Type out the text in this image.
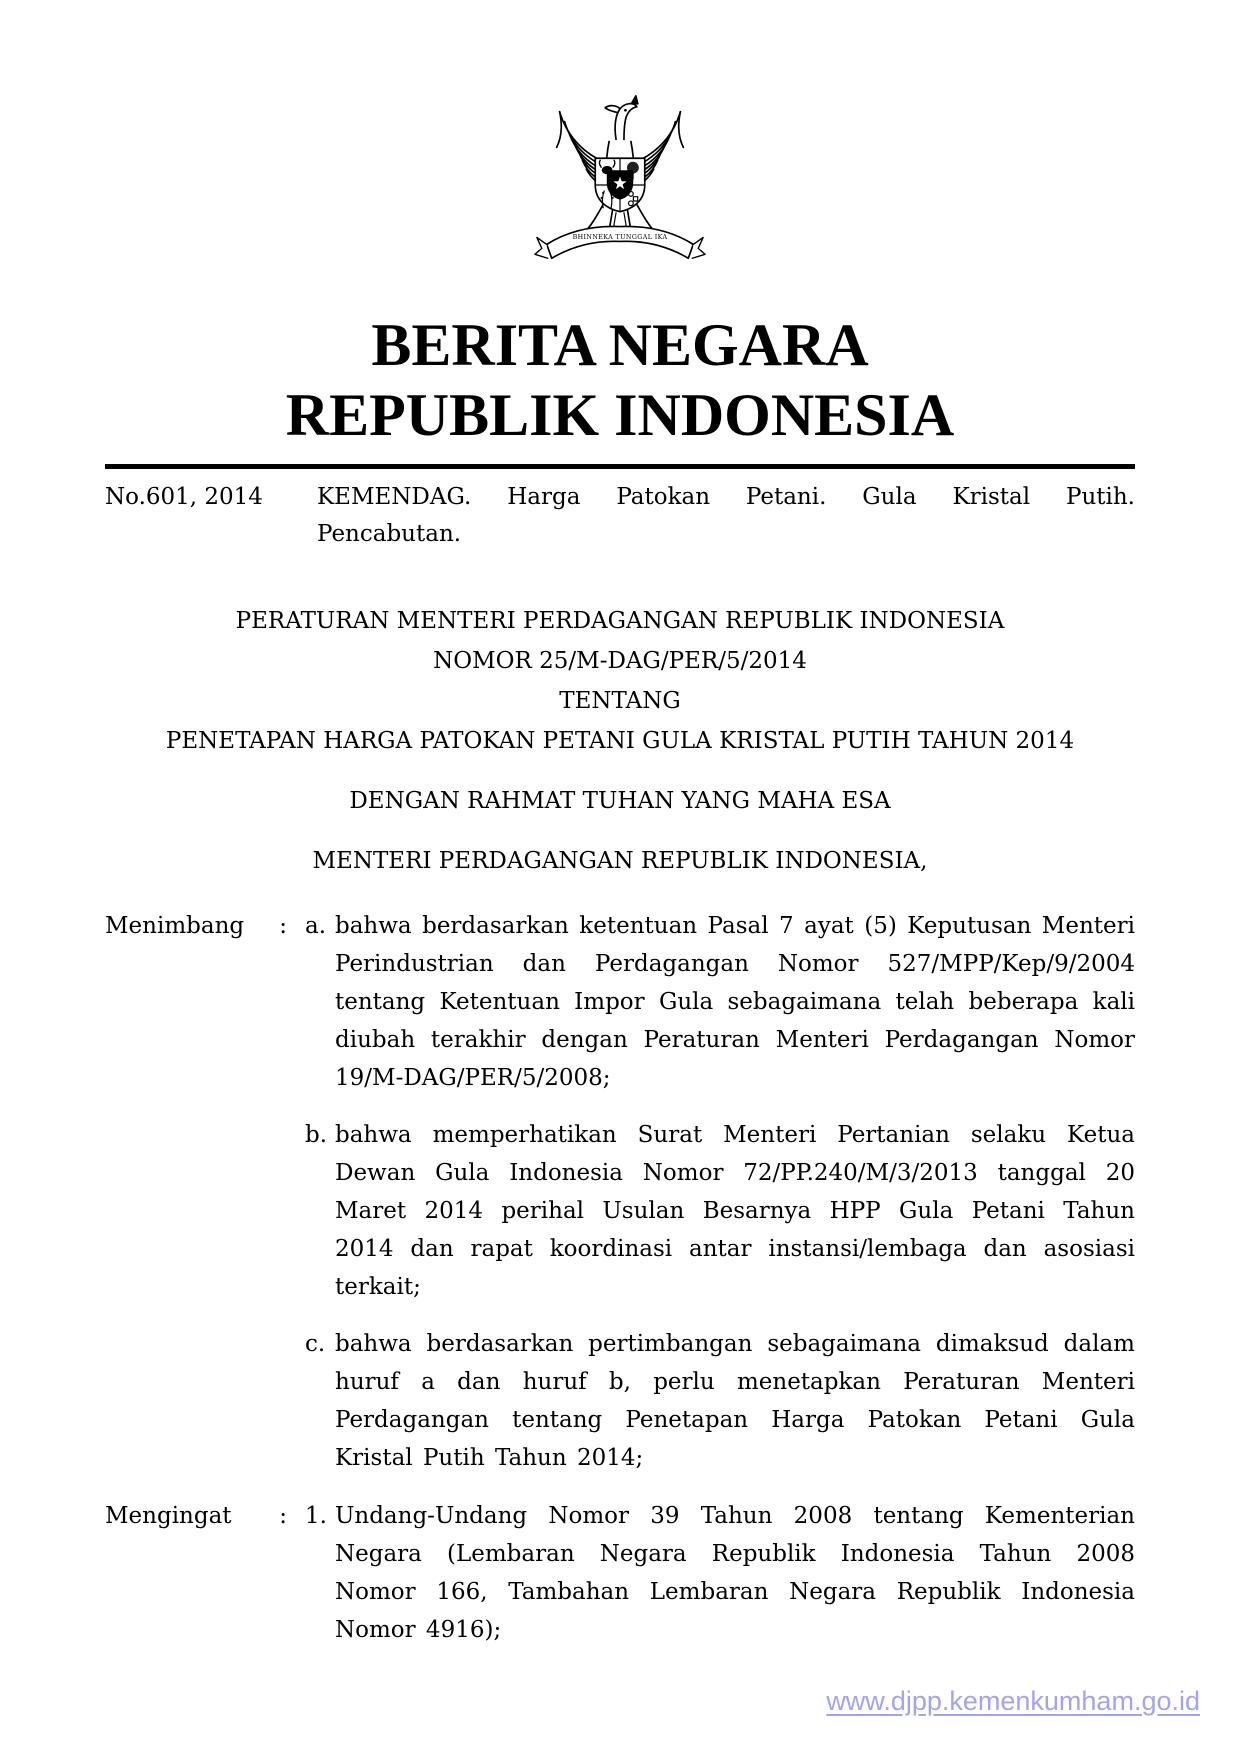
BHINNEKA TUNGGAL IKA
BERITA NEGARA
REPUBLIK INDONESIA
No.601, 2014	KEMENDAG. Harga Patokan Petani. Gula Kristal Putih. Pencabutan.
PERATURAN MENTERI PERDAGANGAN REPUBLIK INDONESIA
NOMOR 25/M-DAG/PER/5/2014
TENTANG
PENETAPAN HARGA PATOKAN PETANI GULA KRISTAL PUTIH TAHUN 2014
DENGAN RAHMAT TUHAN YANG MAHA ESA
MENTERI PERDAGANGAN REPUBLIK INDONESIA,
Menimbang : a. bahwa berdasarkan ketentuan Pasal 7 ayat (5) Keputusan Menteri Perindustrian dan Perdagangan Nomor 527/MPP/Kep/9/2004 tentang Ketentuan Impor Gula sebagaimana telah beberapa kali diubah terakhir dengan Peraturan Menteri Perdagangan Nomor 19/M-DAG/PER/5/2008;
b. bahwa memperhatikan Surat Menteri Pertanian selaku Ketua Dewan Gula Indonesia Nomor 72/PP.240/M/3/2013 tanggal 20 Maret 2014 perihal Usulan Besarnya HPP Gula Petani Tahun 2014 dan rapat koordinasi antar instansi/lembaga dan asosiasi terkait;
c. bahwa berdasarkan pertimbangan sebagaimana dimaksud dalam huruf a dan huruf b, perlu menetapkan Peraturan Menteri Perdagangan tentang Penetapan Harga Patokan Petani Gula Kristal Putih Tahun 2014;
Mengingat : 1. Undang-Undang Nomor 39 Tahun 2008 tentang Kementerian Negara (Lembaran Negara Republik Indonesia Tahun 2008 Nomor 166, Tambahan Lembaran Negara Republik Indonesia Nomor 4916);
www.djpp.kemenkumham.go.id
